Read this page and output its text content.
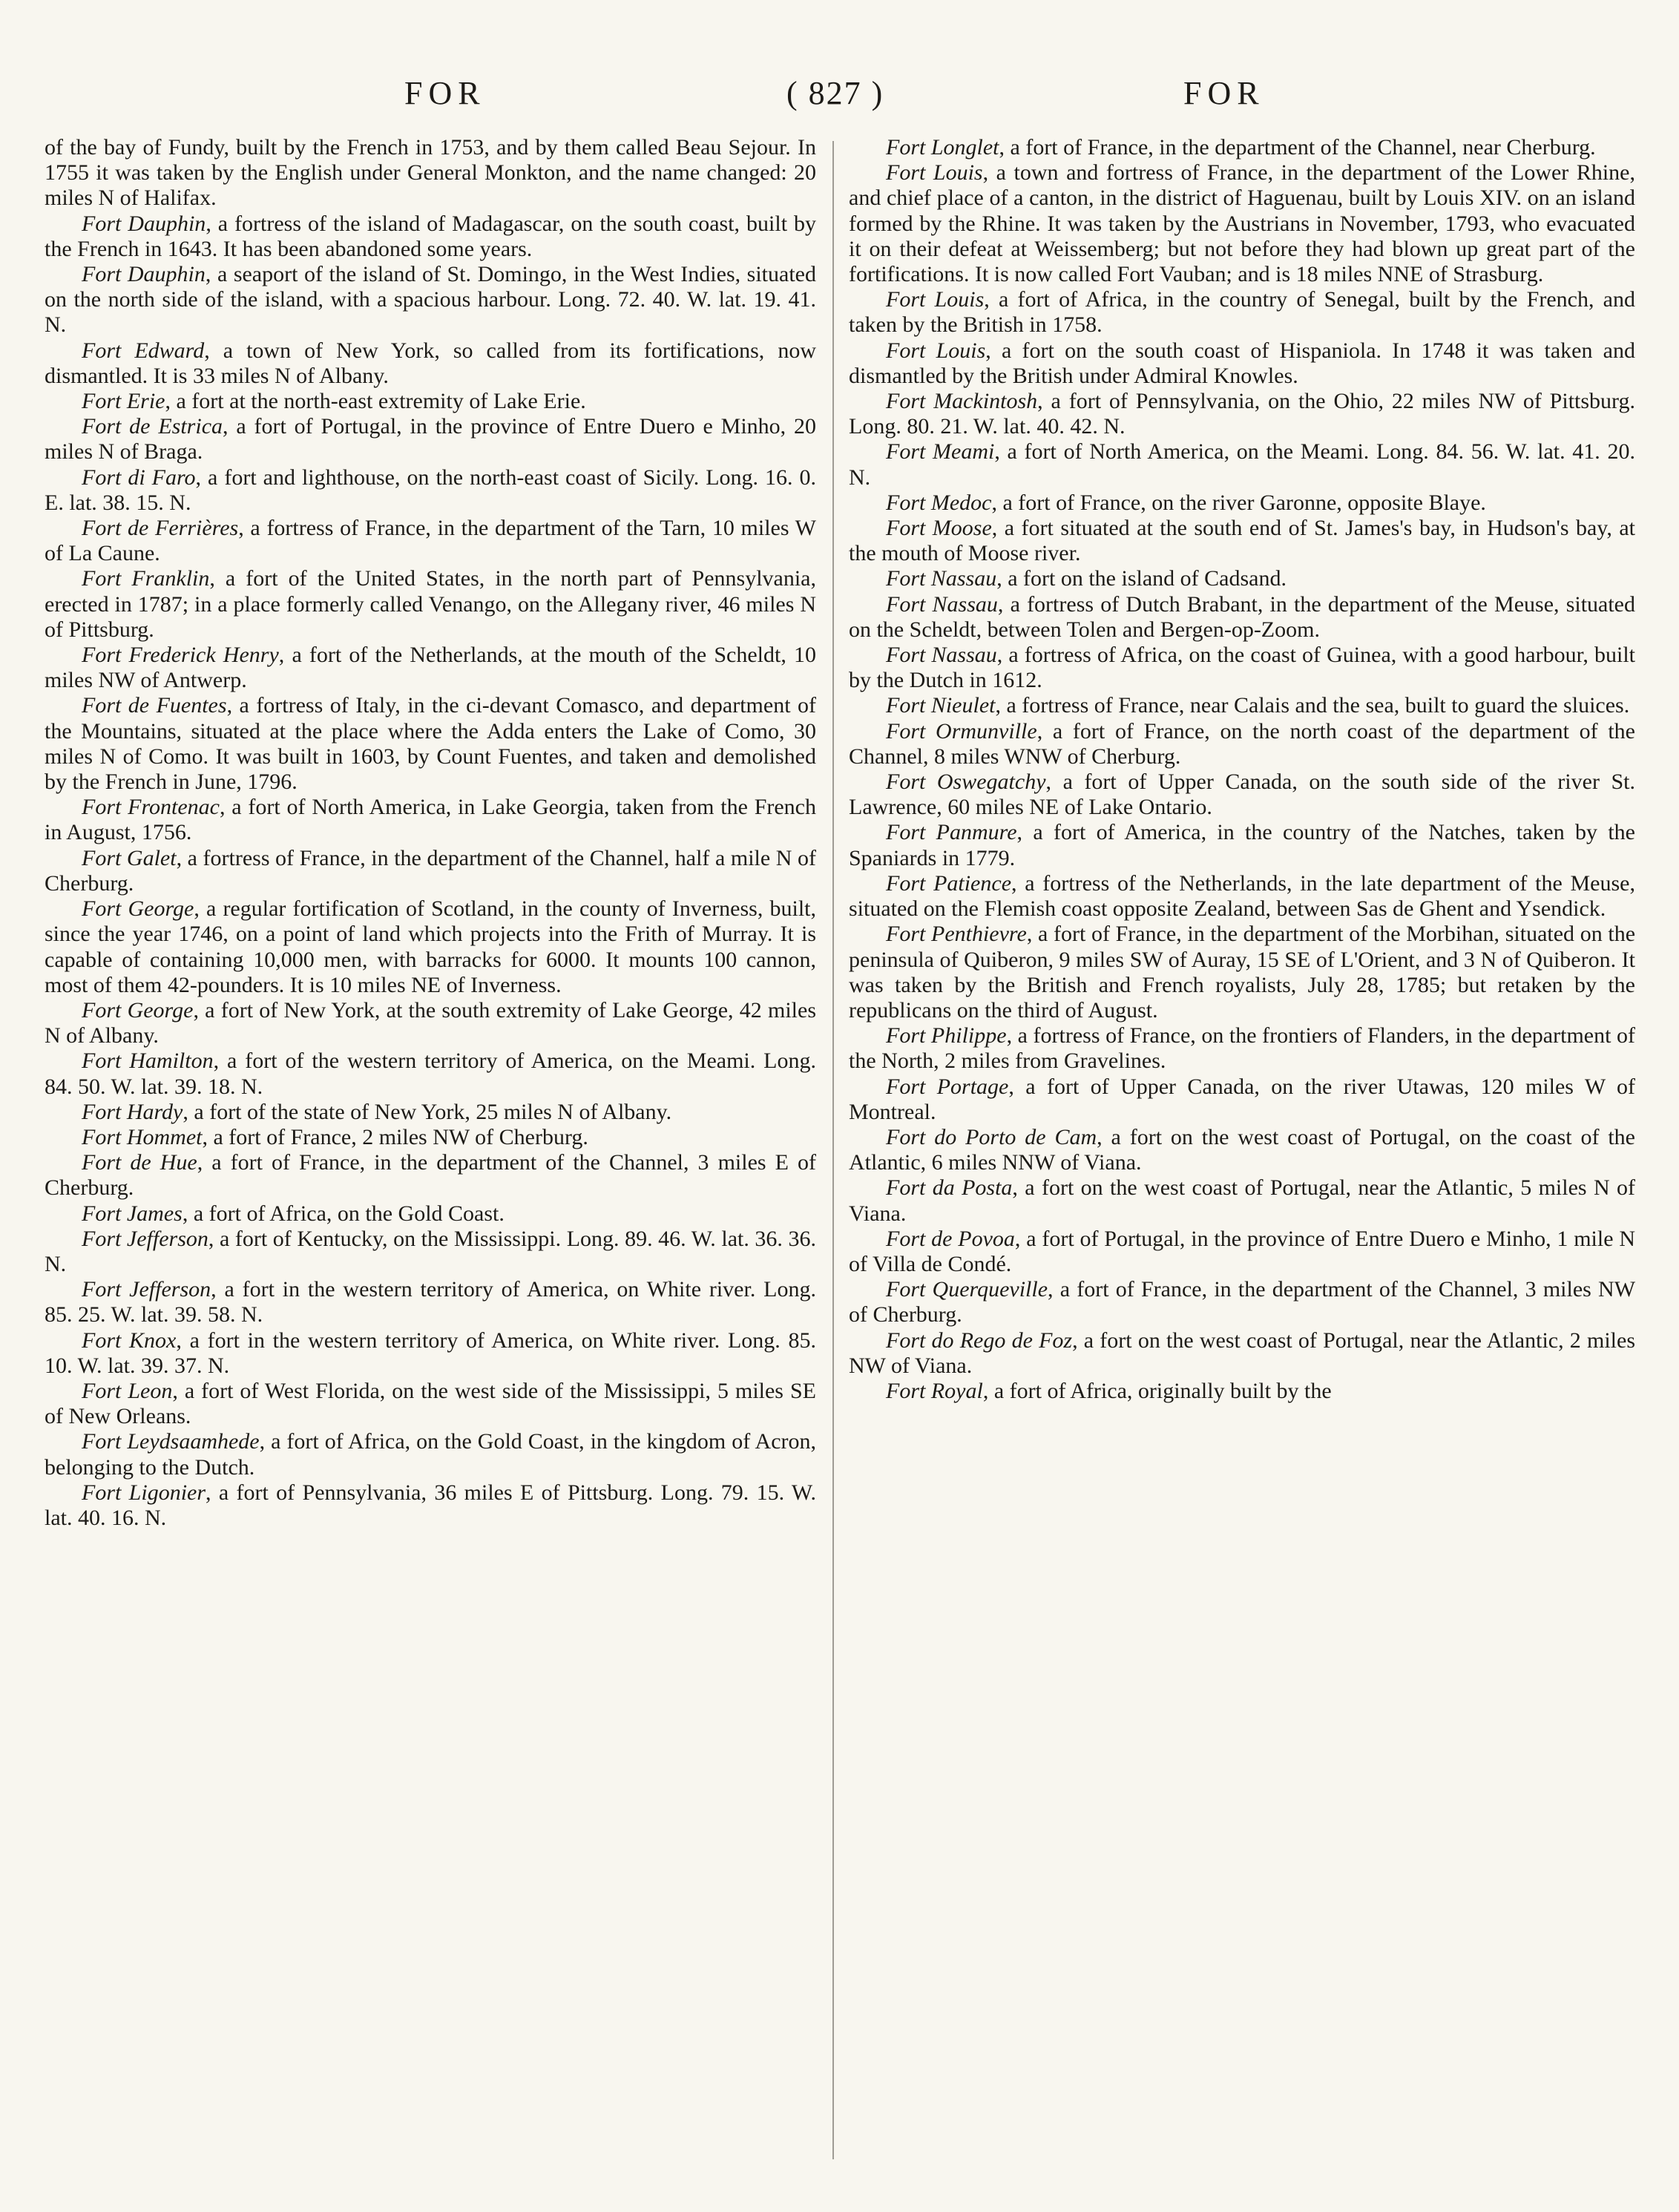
FOR	( 827 )	FOR

of the bay of Fundy, built by the French in 1753, and by them called Beau Sejour. In 1755 it was taken by the English under General Monkton, and the name changed: 20 miles N of Halifax.

Fort Dauphin, a fortress of the island of Madagascar, on the south coast, built by the French in 1643. It has been abandoned some years.

Fort Dauphin, a seaport of the island of St. Domingo, in the West Indies, situated on the north side of the island, with a spacious harbour. Long. 72. 40. W. lat. 19. 41. N.

Fort Edward, a town of New York, so called from its fortifications, now dismantled. It is 33 miles N of Albany.

Fort Erie, a fort at the north-east extremity of Lake Erie.

Fort de Estrica, a fort of Portugal, in the province of Entre Duero e Minho, 20 miles N of Braga.

Fort di Faro, a fort and lighthouse, on the north-east coast of Sicily. Long. 16. 0. E. lat. 38. 15. N.

Fort de Ferrières, a fortress of France, in the department of the Tarn, 10 miles W of La Caune.

Fort Franklin, a fort of the United States, in the north part of Pennsylvania, erected in 1787; in a place formerly called Venango, on the Allegany river, 46 miles N of Pittsburg.

Fort Frederick Henry, a fort of the Netherlands, at the mouth of the Scheldt, 10 miles NW of Antwerp.

Fort de Fuentes, a fortress of Italy, in the ci-devant Comasco, and department of the Mountains, situated at the place where the Adda enters the Lake of Como, 30 miles N of Como. It was built in 1603, by Count Fuentes, and taken and demolished by the French in June, 1796.

Fort Frontenac, a fort of North America, in Lake Georgia, taken from the French in August, 1756.

Fort Galet, a fortress of France, in the department of the Channel, half a mile N of Cherburg.

Fort George, a regular fortification of Scotland, in the county of Inverness, built, since the year 1746, on a point of land which projects into the Frith of Murray. It is capable of containing 10,000 men, with barracks for 6000. It mounts 100 cannon, most of them 42-pounders. It is 10 miles NE of Inverness.

Fort George, a fort of New York, at the south extremity of Lake George, 42 miles N of Albany.

Fort Hamilton, a fort of the western territory of America, on the Meami. Long. 84. 50. W. lat. 39. 18. N.

Fort Hardy, a fort of the state of New York, 25 miles N of Albany.

Fort Hommet, a fort of France, 2 miles NW of Cherburg.

Fort de Hue, a fort of France, in the department of the Channel, 3 miles E of Cherburg.

Fort James, a fort of Africa, on the Gold Coast.

Fort Jefferson, a fort of Kentucky, on the Mississippi. Long. 89. 46. W. lat. 36. 36. N.

Fort Jefferson, a fort in the western territory of America, on White river. Long. 85. 25. W. lat. 39. 58. N.

Fort Knox, a fort in the western territory of America, on White river. Long. 85. 10. W. lat. 39. 37. N.

Fort Leon, a fort of West Florida, on the west side of the Mississippi, 5 miles SE of New Orleans.

Fort Leydsaamhede, a fort of Africa, on the Gold Coast, in the kingdom of Acron, belonging to the Dutch.

Fort Ligonier, a fort of Pennsylvania, 36 miles E of Pittsburg. Long. 79. 15. W. lat. 40. 16. N.

Fort Longlet, a fort of France, in the department of the Channel, near Cherburg.

Fort Louis, a town and fortress of France, in the department of the Lower Rhine, and chief place of a canton, in the district of Haguenau, built by Louis XIV. on an island formed by the Rhine. It was taken by the Austrians in November, 1793, who evacuated it on their defeat at Weissemberg; but not before they had blown up great part of the fortifications. It is now called Fort Vauban; and is 18 miles NNE of Strasburg.

Fort Louis, a fort of Africa, in the country of Senegal, built by the French, and taken by the British in 1758.

Fort Louis, a fort on the south coast of Hispaniola. In 1748 it was taken and dismantled by the British under Admiral Knowles.

Fort Mackintosh, a fort of Pennsylvania, on the Ohio, 22 miles NW of Pittsburg. Long. 80. 21. W. lat. 40. 42. N.

Fort Meami, a fort of North America, on the Meami. Long. 84. 56. W. lat. 41. 20. N.

Fort Medoc, a fort of France, on the river Garonne, opposite Blaye.

Fort Moose, a fort situated at the south end of St. James's bay, in Hudson's bay, at the mouth of Moose river.

Fort Nassau, a fort on the island of Cadsand.

Fort Nassau, a fortress of Dutch Brabant, in the department of the Meuse, situated on the Scheldt, between Tolen and Bergen-op-Zoom.

Fort Nassau, a fortress of Africa, on the coast of Guinea, with a good harbour, built by the Dutch in 1612.

Fort Nieulet, a fortress of France, near Calais and the sea, built to guard the sluices.

Fort Ormunville, a fort of France, on the north coast of the department of the Channel, 8 miles WNW of Cherburg.

Fort Oswegatchy, a fort of Upper Canada, on the south side of the river St. Lawrence, 60 miles NE of Lake Ontario.

Fort Panmure, a fort of America, in the country of the Natches, taken by the Spaniards in 1779.

Fort Patience, a fortress of the Netherlands, in the late department of the Meuse, situated on the Flemish coast opposite Zealand, between Sas de Ghent and Ysendick.

Fort Penthievre, a fort of France, in the department of the Morbihan, situated on the peninsula of Quiberon, 9 miles SW of Auray, 15 SE of L'Orient, and 3 N of Quiberon. It was taken by the British and French royalists, July 28, 1785; but retaken by the republicans on the third of August.

Fort Philippe, a fortress of France, on the frontiers of Flanders, in the department of the North, 2 miles from Gravelines.

Fort Portage, a fort of Upper Canada, on the river Utawas, 120 miles W of Montreal.

Fort do Porto de Cam, a fort on the west coast of Portugal, on the coast of the Atlantic, 6 miles NNW of Viana.

Fort da Posta, a fort on the west coast of Portugal, near the Atlantic, 5 miles N of Viana.

Fort de Povoa, a fort of Portugal, in the province of Entre Duero e Minho, 1 mile N of Villa de Condé.

Fort Querqueville, a fort of France, in the department of the Channel, 3 miles NW of Cherburg.

Fort do Rego de Foz, a fort on the west coast of Portugal, near the Atlantic, 2 miles NW of Viana.

Fort Royal, a fort of Africa, originally built by the
